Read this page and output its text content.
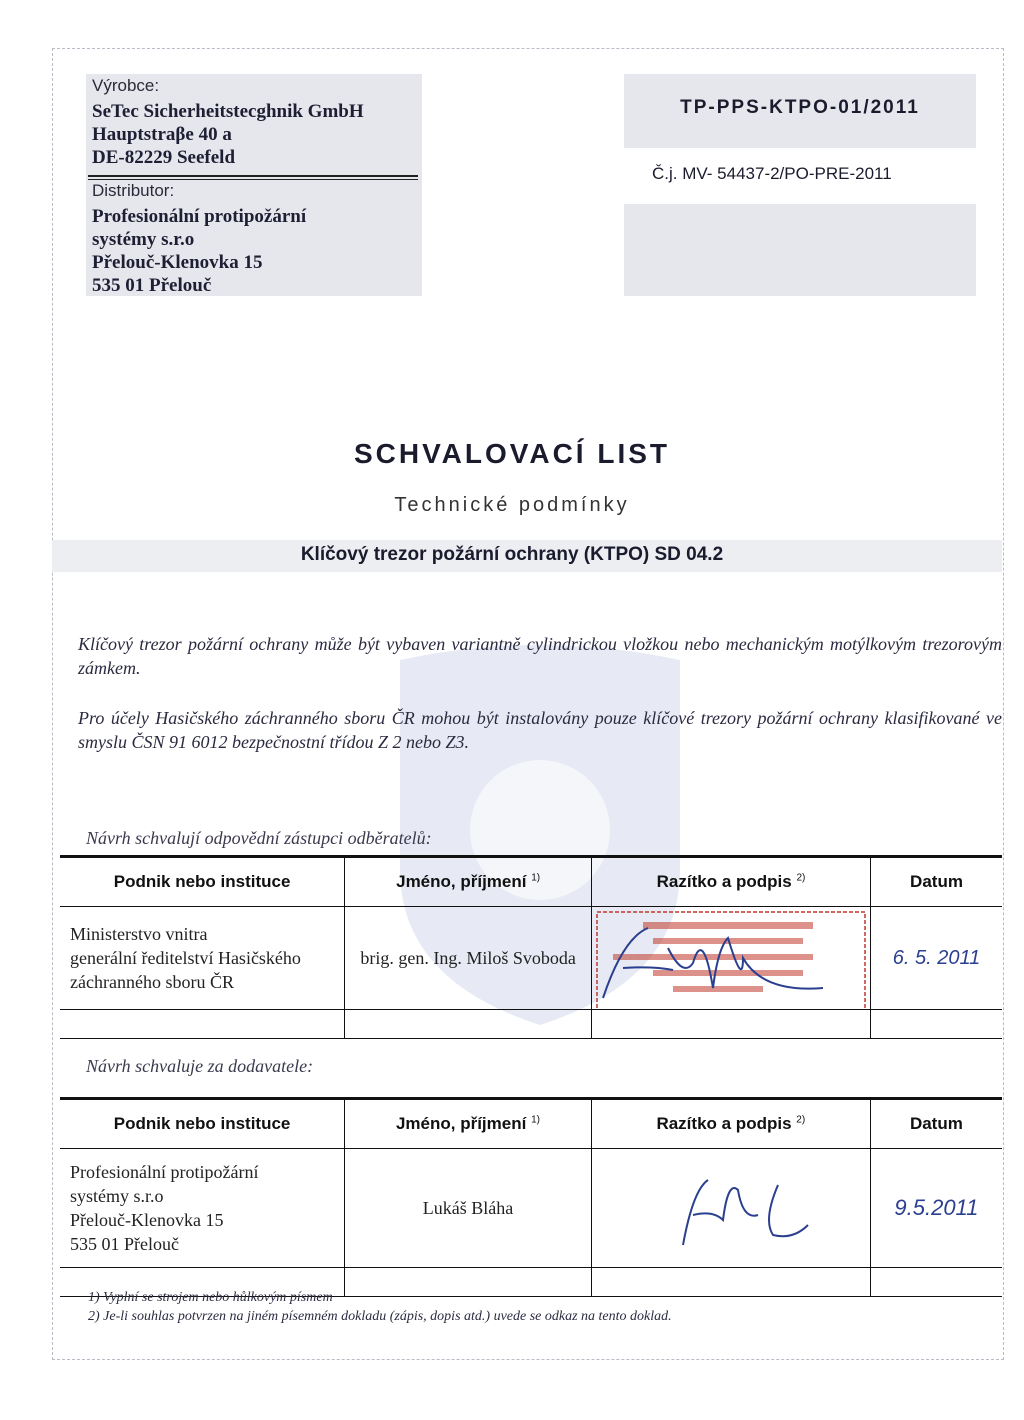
Výrobce:
SeTec Sicherheitstecghnik GmbH
Hauptstraβe 40 a
DE-82229 Seefeld
Distributor:
Profesionální protipožární
systémy s.r.o
Přelouč-Klenovka 15
535 01 Přelouč
TP-PPS-KTPO-01/2011
Č.j. MV- 54437-2/PO-PRE-2011
SCHVALOVACÍ LIST
Technické podmínky
Klíčový trezor požární ochrany (KTPO) SD 04.2
Klíčový trezor požární ochrany může být vybaven variantně cylindrickou vložkou nebo mechanickým motýlkovým trezorovým zámkem.
Pro účely Hasičského záchranného sboru ČR mohou být instalovány pouze klíčové trezory požární ochrany klasifikované ve smyslu ČSN 91 6012 bezpečnostní třídou Z 2 nebo Z3.
Návrh schvalují odpovědní zástupci odběratelů:
Podnik nebo instituce	Jméno, příjmení $^{1)}$	Razítko a podpis $^{2)}$	Datum

Ministerstvo vnitra
generální ředitelství Hasičského
záchranného sboru ČR	brig. gen. Ing. Miloš Svoboda		6. 5. 2011

Návrh schvaluje za dodavatele:
Podnik nebo instituce	Jméno, příjmení $^{1)}$	Razítko a podpis $^{2)}$	Datum

Profesionální protipožární
systémy s.r.o
Přelouč-Klenovka 15
535 01 Přelouč	Lukáš Bláha		9.5.2011

1) Vyplní se strojem nebo hůlkovým písmem
2) Je-li souhlas potvrzen na jiném písemném dokladu (zápis, dopis atd.) uvede se odkaz na tento doklad.
